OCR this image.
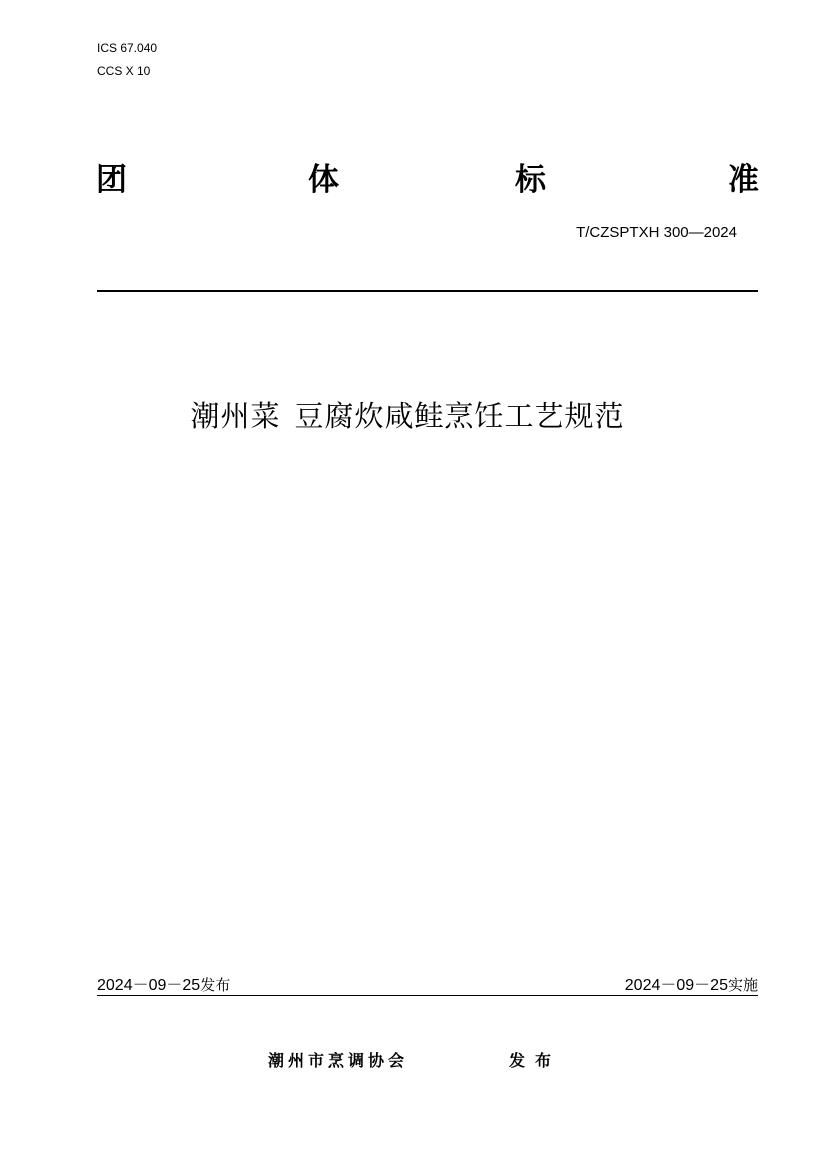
ICS 67.040
CCS X 10
团	体	标	准
T/CZSPTXH 300—2024
潮州菜 豆腐炊咸鲑烹饪工艺规范
2024－09－25发布	2024－09－25实施
潮州市烹调协会	发布
